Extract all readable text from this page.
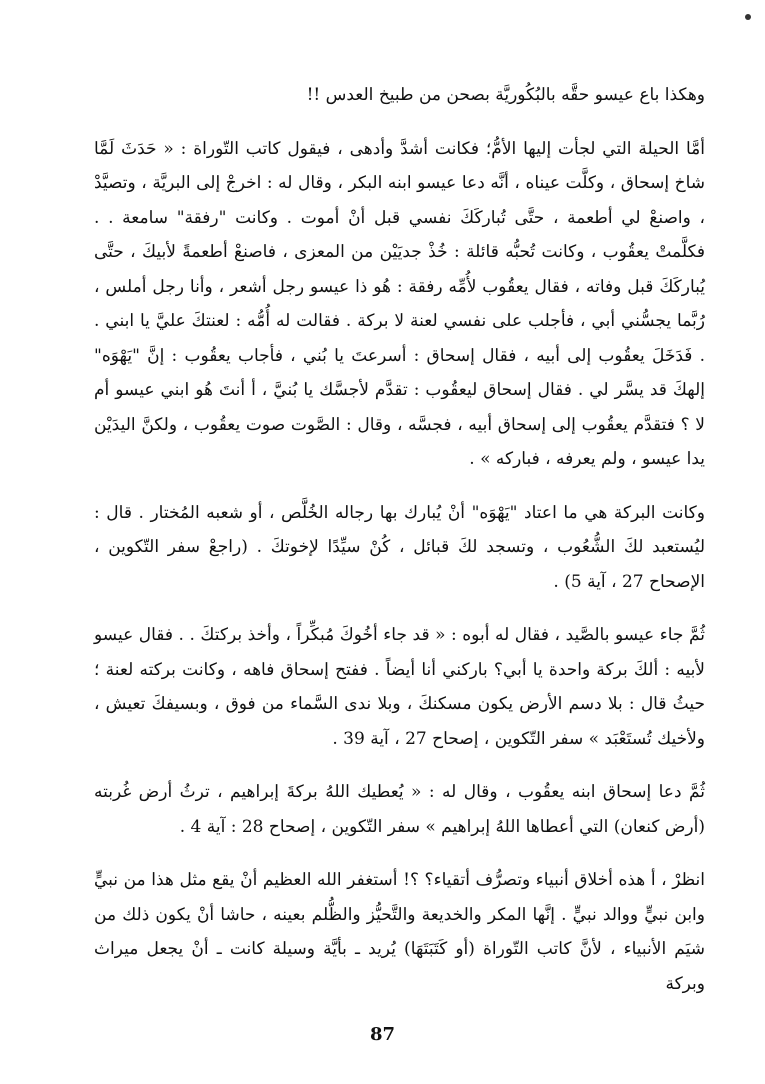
وهكذا باع عيسو حقَّه بالبُكُوريَّة بصحن من طبيخ العدس !!

أمَّا الحيلة التي لجأت إليها الأمُّ؛ فكانت أشدَّ وأدهى ، فيقول كاتب التّوراة : « حَدَثَ لَمَّا شاخ إسحاق ، وكلَّت عيناه ، أنَّه دعا عيسو ابنه البكر ، وقال له : اخرجْ إلى البريَّة ، وتصيَّدْ ، واصنعْ لي أطعمة ، حتَّى تُباركَكَ نفسي قبل أنْ أموت . وكانت "رفقة" سامعة . . فكلَّمتْ يعقُوب ، وكانت تُحبُّه قائلة : خُذْ جديَيْن من المعزى ، فاصنعْ أطعمةً لأبيكَ ، حتَّى يُباركَكَ قبل وفاته ، فقال يعقُوب لأُمِّه رفقة : هُو ذا عيسو رجل أشعر ، وأنا رجل أملس ، رُبَّما يجسُّني أبي ، فأجلب على نفسي لعنة لا بركة . فقالت له أُمُّه : لعنتكَ عليَّ يا ابني . . فَدَخَلَ يعقُوب إلى أبيه ، فقال إسحاق : أسرعتَ يا بُني ، فأجاب يعقُوب : إنَّ "يَهْوَه" إلهكَ قد يسَّر لي . فقال إسحاق ليعقُوب : تقدَّم لأجسَّك يا بُنيَّ ، أ أنتَ هُو ابني عيسو أم لا ؟ فتقدَّم يعقُوب إلى إسحاق أبيه ، فجسَّه ، وقال : الصَّوت صوت يعقُوب ، ولكنَّ اليدَيْن يدا عيسو ، ولم يعرفه ، فباركه » .

وكانت البركة هي ما اعتاد "يَهْوَه" أنْ يُبارك بها رجاله الخُلَّص ، أو شعبه المُختار . قال : ليُستعبد لكَ الشُّعُوب ، وتسجد لكَ قبائل ، كُنْ سيِّدًا لإخوتكَ . (راجعْ سفر التّكوين ، الإصحاح 27 ، آية 5) .

ثُمَّ جاء عيسو بالصَّيد ، فقال له أبوه : « قد جاء أخُوكَ مُبكِّراً ، وأخذ بركتكَ . . فقال عيسو لأبيه : ألكَ بركة واحدة يا أبي؟ باركني أنا أيضاً . ففتح إسحاق فاهه ، وكانت بركته لعنة ؛ حيثُ قال : بلا دسم الأرض يكون مسكنكَ ، وبلا ندى السَّماء من فوق ، وبسيفكَ تعيش ، ولأخيك تُستَعْبَد » سفر التّكوين ، إصحاح 27 ، آية 39 .

ثُمَّ دعا إسحاق ابنه يعقُوب ، وقال له : « يُعطيك اللهُ بركةَ إبراهيم ، ترثُ أرض غُربته (أرض كنعان) التي أعطاها اللهُ إبراهيم » سفر التّكوين ، إصحاح 28 : آية 4 .

انظرْ ، أ هذه أخلاق أنبياء وتصرُّف أتقياء؟ ؟! أستغفر الله العظيم أنْ يقع مثل هذا من نبيٍّ وابن نبيٍّ ووالد نبيٍّ . إنَّها المكر والخديعة والتَّحيُّز والظُّلم بعينه ، حاشا أنْ يكون ذلك من شيَم الأنبياء ، لأنَّ كاتب التّوراة (أو كَتَبَتَهَا) يُريد ـ بأيَّة وسيلة كانت ـ أنْ يجعل ميراث وبركة

87
